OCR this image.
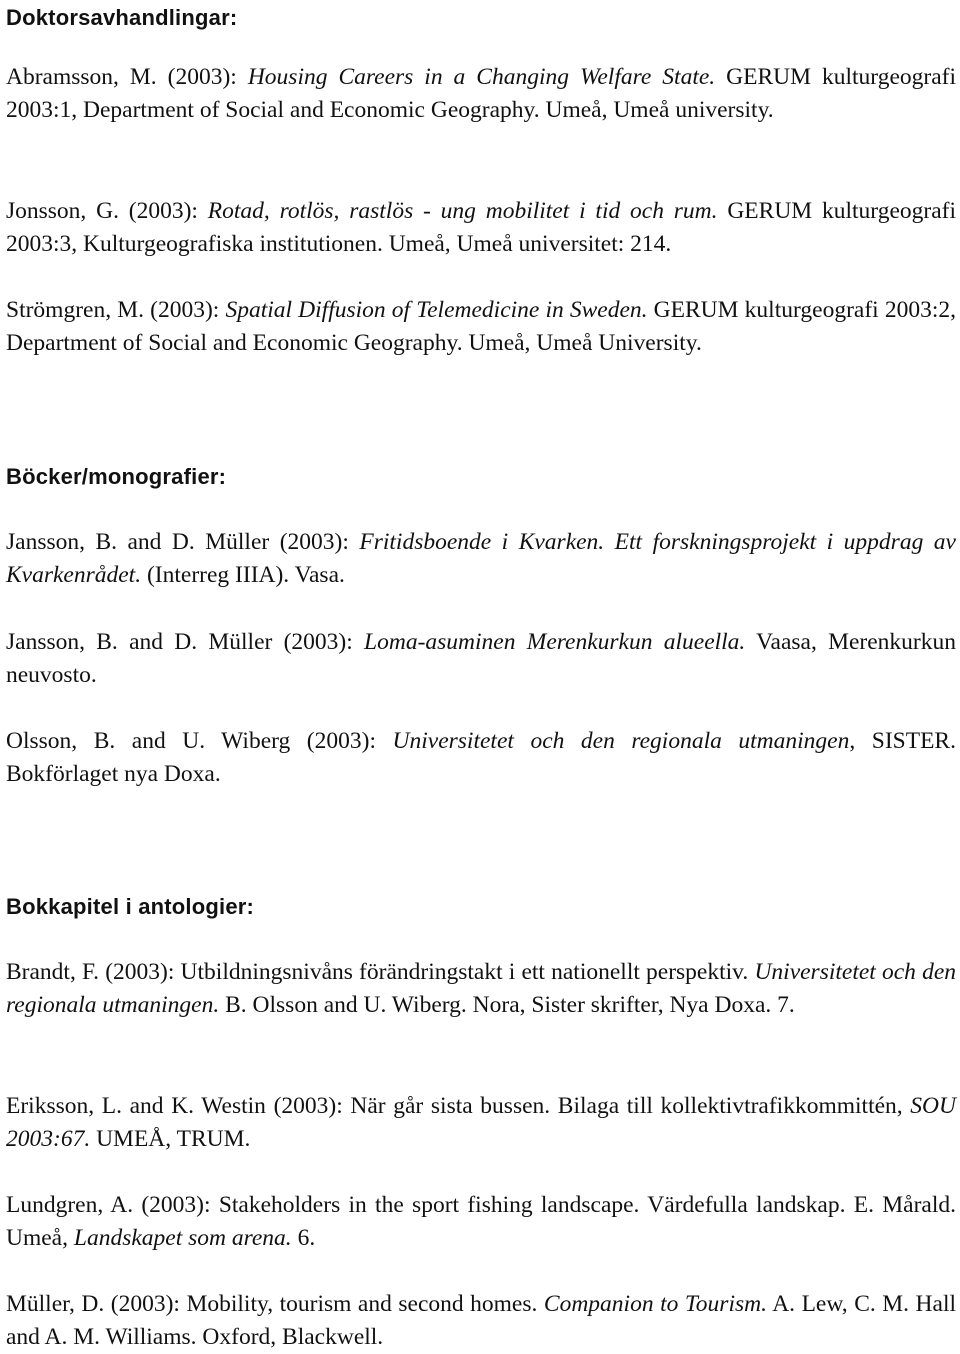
Doktorsavhandlingar:

Abramsson, M. (2003): Housing Careers in a Changing Welfare State. GERUM kulturgeografi 2003:1, Department of Social and Economic Geography. Umeå, Umeå university.

Jonsson, G. (2003): Rotad, rotlös, rastlös - ung mobilitet i tid och rum. GERUM kulturgeografi 2003:3, Kulturgeografiska institutionen. Umeå, Umeå universitet: 214.

Strömgren, M. (2003): Spatial Diffusion of Telemedicine in Sweden. GERUM kulturgeografi 2003:2, Department of Social and Economic Geography. Umeå, Umeå University.

Böcker/monografier:

Jansson, B. and D. Müller (2003): Fritidsboende i Kvarken. Ett forskningsprojekt i uppdrag av Kvarkenrådet. (Interreg IIIA). Vasa.

Jansson, B. and D. Müller (2003): Loma-asuminen Merenkurkun alueella. Vaasa, Merenkurkun neuvosto.

Olsson, B. and U. Wiberg (2003): Universitetet och den regionala utmaningen, SISTER. Bokförlaget nya Doxa.

Bokkapitel i antologier:

Brandt, F. (2003): Utbildningsnivåns förändringstakt i ett nationellt perspektiv. Universitetet och den regionala utmaningen. B. Olsson and U. Wiberg. Nora, Sister skrifter, Nya Doxa. 7.

Eriksson, L. and K. Westin (2003): När går sista bussen. Bilaga till kollektivtrafikkommittén, SOU 2003:67. UMEÅ, TRUM.

Lundgren, A. (2003): Stakeholders in the sport fishing landscape. Värdefulla landskap. E. Mårald. Umeå, Landskapet som arena. 6.

Müller, D. (2003): Mobility, tourism and second homes. Companion to Tourism. A. Lew, C. M. Hall and A. M. Williams. Oxford, Blackwell.
